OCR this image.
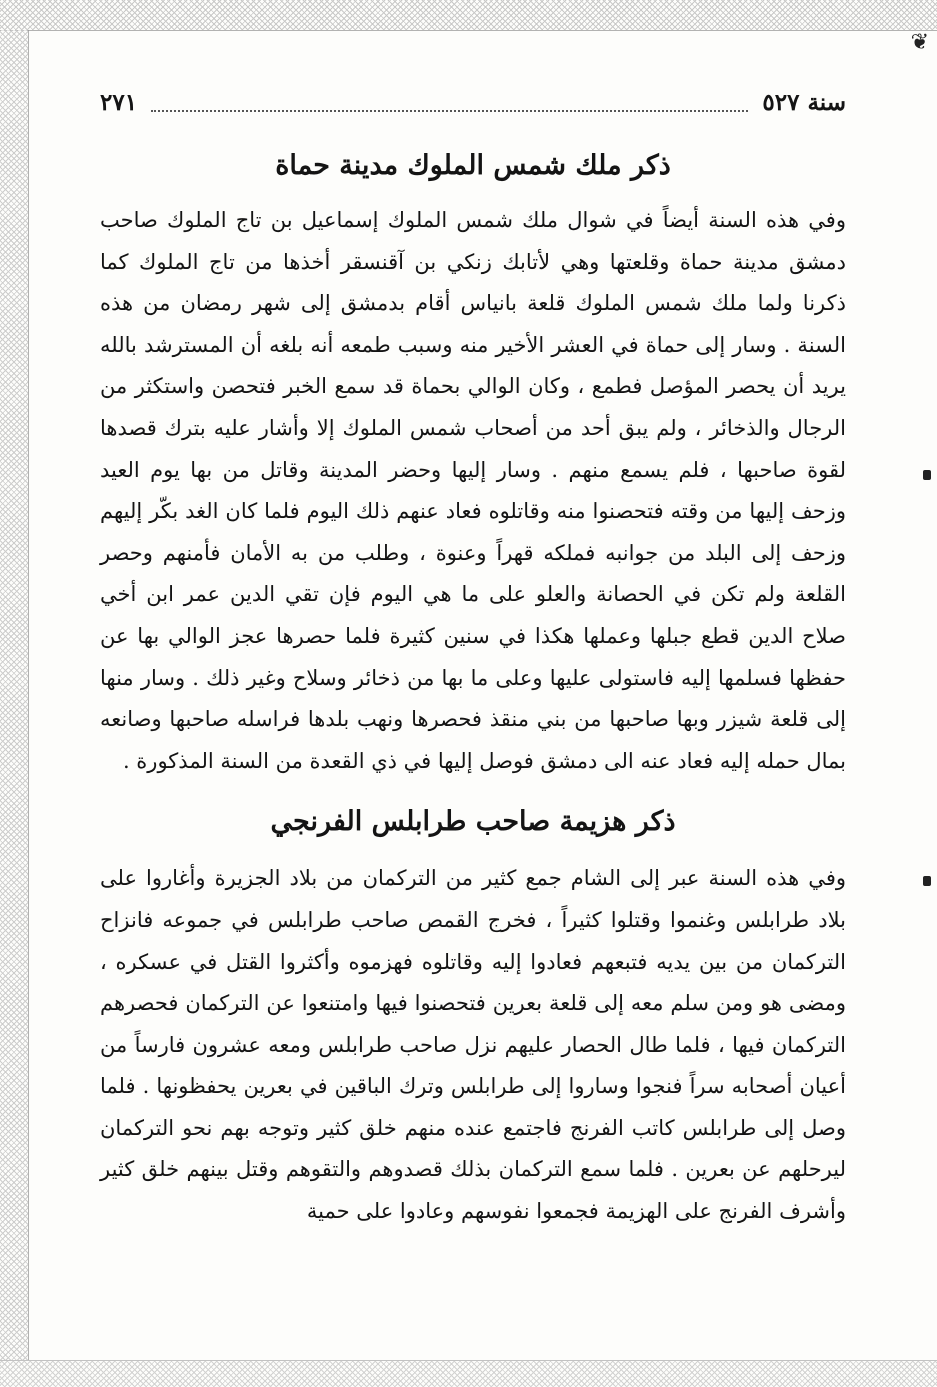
❦
سنة ٥٢٧
٢٧١
ذكر ملك شمس الملوك مدينة حماة

وفي هذه السنة أيضاً في شوال ملك شمس الملوك إسماعيل بن تاج الملوك صاحب دمشق مدينة حماة وقلعتها وهي لأتابك زنكي بن آقنسقر أخذها من تاج الملوك كما ذكرنا ولما ملك شمس الملوك قلعة بانياس أقام بدمشق إلى شهر رمضان من هذه السنة . وسار إلى حماة في العشر الأخير منه وسبب طمعه أنه بلغه أن المسترشد بالله يريد أن يحصر المؤصل فطمع ، وكان الوالي بحماة قد سمع الخبر فتحصن واستكثر من الرجال والذخائر ، ولم يبق أحد من أصحاب شمس الملوك إلا وأشار عليه بترك قصدها لقوة صاحبها ، فلم يسمع منهم . وسار إليها وحضر المدينة وقاتل من بها يوم العيد وزحف إليها من وقته فتحصنوا منه وقاتلوه فعاد عنهم ذلك اليوم فلما كان الغد بكّر إليهم وزحف إلى البلد من جوانبه فملكه قهراً وعنوة ، وطلب من به الأمان فأمنهم وحصر القلعة ولم تكن في الحصانة والعلو على ما هي اليوم فإن تقي الدين عمر ابن أخي صلاح الدين قطع جبلها وعملها هكذا في سنين كثيرة فلما حصرها عجز الوالي بها عن حفظها فسلمها إليه فاستولى عليها وعلى ما بها من ذخائر وسلاح وغير ذلك . وسار منها إلى قلعة شيزر وبها صاحبها من بني منقذ فحصرها ونهب بلدها فراسله صاحبها وصانعه بمال حمله إليه فعاد عنه الى دمشق فوصل إليها في ذي القعدة من السنة المذكورة .

ذكر هزيمة صاحب طرابلس الفرنجي

وفي هذه السنة عبر إلى الشام جمع كثير من التركمان من بلاد الجزيرة وأغاروا على بلاد طرابلس وغنموا وقتلوا كثيراً ، فخرج القمص صاحب طرابلس في جموعه فانزاح التركمان من بين يديه فتبعهم فعادوا إليه وقاتلوه فهزموه وأكثروا القتل في عسكره ، ومضى هو ومن سلم معه إلى قلعة بعرين فتحصنوا فيها وامتنعوا عن التركمان فحصرهم التركمان فيها ، فلما طال الحصار عليهم نزل صاحب طرابلس ومعه عشرون فارساً من أعيان أصحابه سراً فنجوا وساروا إلى طرابلس وترك الباقين في بعرين يحفظونها . فلما وصل إلى طرابلس كاتب الفرنج فاجتمع عنده منهم خلق كثير وتوجه بهم نحو التركمان ليرحلهم عن بعرين . فلما سمع التركمان بذلك قصدوهم والتقوهم وقتل بينهم خلق كثير وأشرف الفرنج على الهزيمة فجمعوا نفوسهم وعادوا على حمية
